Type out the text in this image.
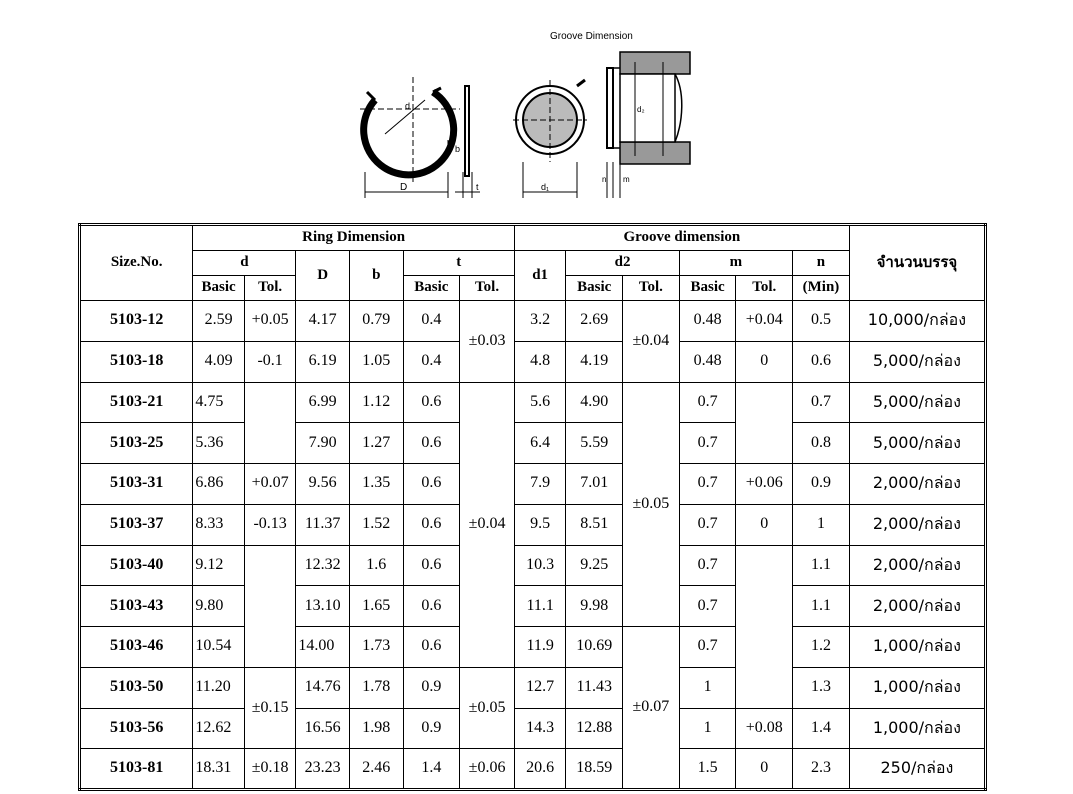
Groove Dimension
d
D
b
t	d₁
d₂
n m
Size.No.	Ring Dimension						Groove dimension						จำนวนบรรจุ
	d		D	b	t		d1	d2		m		n	
	Basic	Tol.			Basic	Tol.		Basic	Tol.	Basic	Tol.	(Min)	
5103-12	2.59	+0.05	4.17	0.79	0.4	±0.03	3.2	2.69	±0.04	0.48	+0.04	0.5	10,000/กล่อง
5103-18	4.09	-0.1	6.19	1.05	0.4		4.8	4.19		0.48	0	0.6	5,000/กล่อง
5103-21	4.75		6.99	1.12	0.6	±0.04	5.6	4.90	±0.05	0.7		0.7	5,000/กล่อง
5103-25	5.36		7.90	1.27	0.6		6.4	5.59		0.7		0.8	5,000/กล่อง
5103-31	6.86	+0.07	9.56	1.35	0.6		7.9	7.01		0.7	+0.06	0.9	2,000/กล่อง
5103-37	8.33	-0.13	11.37	1.52	0.6		9.5	8.51		0.7	0	1	2,000/กล่อง
5103-40	9.12		12.32	1.6	0.6		10.3	9.25		0.7		1.1	2,000/กล่อง
5103-43	9.80		13.10	1.65	0.6		11.1	9.98		0.7		1.1	2,000/กล่อง
5103-46	10.54		14.00	1.73	0.6		11.9	10.69	±0.07	0.7		1.2	1,000/กล่อง
5103-50	11.20	±0.15	14.76	1.78	0.9	±0.05	12.7	11.43		1		1.3	1,000/กล่อง
5103-56	12.62		16.56	1.98	0.9		14.3	12.88		1	+0.08	1.4	1,000/กล่อง
5103-81	18.31	±0.18	23.23	2.46	1.4	±0.06	20.6	18.59		1.5	0	2.3	250/กล่อง
